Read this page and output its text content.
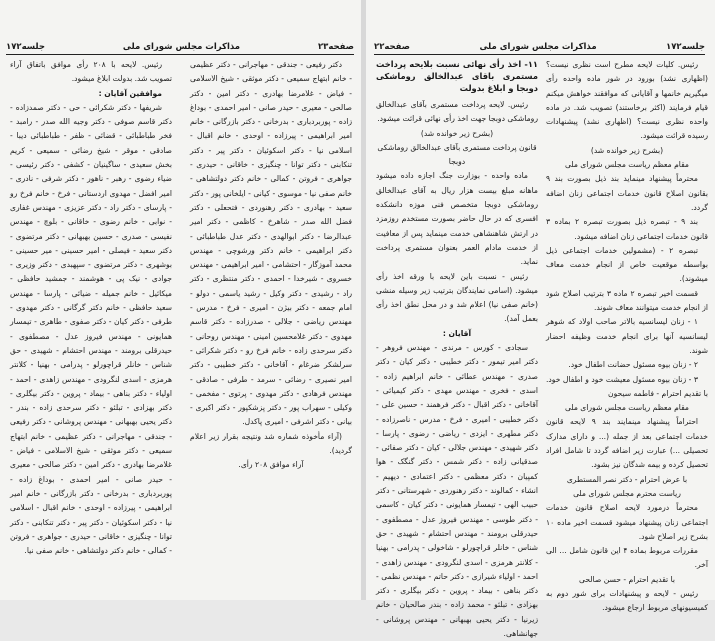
صفحه۲۳
مذاکرات مجلس شورای ملی
جلسه۱۷۲

دکتر رفیعی - جندقی - مهاجرانی - دکتر عظیمی - خانم ابتهاج سمیعی - دکتر موثقی - شیخ الاسلامی - فیاض - غلامرضا بهادری - دکتر امین - دکتر صالحی - معیری - حیدر صانی - امیر احمدی - بوداغ زاده - پوربردباری - بدرخانی - دکتر بازرگانی - خانم امیر ابراهیمی - پیرزاده - اوحدی - خانم اقبال - اسلامی نیا - دکتر اسکوئیان - دکتر پیر - دکتر تنکابنی - دکتر توانا - چنگیزی - خاقانی - حیدری - جواهری - فروتن - کمالی - خانم دکتر دولتشاهی - خانم صفی نیا - موسوی - کیانی - ایلخانی پور - دکتر سعید - بهادری - دکتر رهنوردی - فتحعلی - دکتر فضل الله صدر - شاهرخ - کاظمی - دکتر امیر عبدالرضا - دکتر ابوالهدی - دکتر عدل طباطبائی - دکتر ابراهیمی - خانم دکتر ورشوچی - مهندس محمد آموزگار - احتشامی - امیر ابراهیمی - مهندس خسروی - شیرخدا - احمدی - دکتر منتظری - دکتر راد - رشیدی - دکتر وکیل - رشید یاسمی - دولو - امام جمعه - دکتر بیژن - امیری - فرخ - مدرس - مهندس ریاضی - جلالی - صدرزاده - دکتر قاسم مهدوی - دکتر غلامحسین امینی - مهندس روحانی - دکتر سرحدی زاده - خانم فرخ رو - دکتر شکرائی - سرلشکر ضرغام - آقاخانی - دکتر خطیبی - دکتر امیر نصیری - رضائی - سرمد - طرفی - صادقی - مهندس فرهادی - دکتر مهدوی - پرتوی - مفخمی - وکیلی - سهراب پور - دکتر پزشکپور - دکتر اکبری - بیانی - دکتر اشرفی - امیری پاکدل.

(آراء مأخوذه شماره شد ونتیجه بقرار زیر اعلام گردید).

آراء موافق ۲۰۸ رأی.

رئیس. لایحه با ۲۰۸ رأی موافق باتفاق آراء تصویب شد. بدولت ابلاغ میشود.

موافقین آقایان :

شریفها - دکتر شکرائی - حی - دکتر صمدزاده - دکتر قاسم صوفی - دکتر وجیه الله صدر - رامبد - فخر طباطبائی - قضائی - ظفر - طباطبائی دیبا - صادقی - موقر - شیخ رضائی - سمیعی - کریم بخش سعیدی - ساگینیان - کشفی - دکتر رئیسی - ضیاء رضوی - رهبر - ناهور - دکتر شرفی - نادری - امیر افضل - مهدوی اردستانی - فرخ - خانم فرخ رو - پارسای - دکتر راد - دکتر عزیزی - مهندس غفاری - نوابی - خانم رضوی - خاقانی - بلوچ - مهندس نفیسی - صدری - حسین بهبهانی - دکتر مرتضوی - دکتر سعید - فیصلی - امیر حسینی - میر حسینی - بوشهری - دکتر مرتضوی - سپهبدی - دکتر وزیری - جوادی - نیک پی - هوشمند - جمشید حافظی - میکائیل - خانم جمیله - ضیائی - پارسا - مهندس سعید حافظی - خانم دکتر گرگانی - دکتر مهدوی - طرفی - دکتر کیان - دکتر صفوی - طاهری - تیمسار همایونی - مهندس فیروز عدل - مصطفوی - حیدرقلی برومند - مهندس احتشام - شهیدی - حق شناس - خانلر قراچورلو - پدرامی - بهنیا - کلانتر هرمزی - اسدی لنگرودی - مهندس زاهدی - احمد - اولیاء - دکتر بناهی - بیماد - پروین - دکتر بیگلری - دکتر بهزادی - تبلئو - دکتر سرحدی زاده - بندر - دکتر یحیی بهبهانی - مهندس پروشانی - دکتر رفیعی - جندقی - مهاجرانی - دکتر عظیمی - خانم ابتهاج سمیعی - دکتر موثقی - شیخ الاسلامی - فیاض - غلامرضا بهادری - دکتر امین - دکتر صالحی - معیری - حیدر صانی - امیر احمدی - بوداغ زاده - پوربردباری - بدرخانی - دکتر بازرگانی - خانم امیر ابراهیمی - پیرزاده - اوحدی - خانم اقبال - اسلامی نیا - دکتر اسکوئیان - دکتر پیر - دکتر تنکابنی - دکتر توانا - چنگیزی - خاقانی - حیدری - جواهری - فروتن - کمالی - خانم دکتر دولتشاهی - خانم صفی نیا.

جلسه۱۷۲
مذاکرات مجلس شورای ملی
صفحه۲۲

رئیس. کلیات لایحه مطرح است نظری نیست؟ (اظهاری نشد) بورود در شور ماده واحده رأی میگیریم خانمها و آقایانی که موافقند خواهش میکنم قیام فرمایند (اکثر برخاستند) تصویب شد. در ماده واحده نظری نیست؟ (اظهاری نشد) پیشنهادات رسیده قرائت میشود.

(بشرح زیر خوانده شد)

مقام معظم ریاست مجلس شورای ملی

محترماً پیشنهاد مینماید بند ذیل بصورت بند ۹ بقانون اصلاح قانون خدمات اجتماعی زنان اضافه گردد.

بند ۹ - تبصره ذیل بصورت تبصره ۲ بماده ۳ قانون خدمات اجتماعی زنان اضافه میشود.

تبصره ۲ - (مشمولین خدمات اجتماعی ذیل بواسطه موقعیت خاص از انجام خدمت معاف میشوند).

قسمت اخیر تبصره ۲ ماده ۳ بترتیب اصلاح شود از انجام خدمت میتوانند معاف شوند.

۱ - زنان لیسانسیه بالاتر صاحب اولاد که شوهر لیسانسیه آنها برای انجام خدمت وظیفه احضار شوند.

۲ - زنان بیوه مسئول حضانت اطفال خود.

۳ - زنان بیوه مسئول معیشت خود و اطفال خود. با تقدیم احترام - فاطمه سیحون

مقام معظم ریاست مجلس شورای ملی

احتراماً پیشنهاد مینمایند بند ۹ لایحه قانون خدمات اجتماعی بعد از جمله (... و دارای مدارک تحصیلی ...) عبارت زیر اضافه گردد تا شامل افراد تحصیل کرده و بیمه شدگان نیز بشود.

با عرض احترام - دکتر نصر المستطری

ریاست محترم مجلس شورای ملی

محترماً درمورد لایحه اصلاح قانون خدمات اجتماعی زنان پیشنهاد میشود قسمت اخیر ماده ۱۰ بشرح زیر اصلاح شود.

مقررات مربوط بماده ۴ این قانون شامل ... الی آخر.

با تقدیم احترام - حسن صالحی

رئیس - لایحه و پیشنهادات برای شور دوم به کمیسیونهای مربوط ارجاع میشود.

۱۱- اخذ رأی نهائی نسبت بلایحه پرداخت مستمری باقای عبدالخالق روماشکی دوبجا و ابلاغ بدولت

رئیس. لایحه پرداخت مستمری بآقای عبدالخالق روماشکی دوبجا جهت اخذ رأی نهائی قرائت میشود.

(بشرح زیر خوانده شد)

قانون پرداخت مستمری بآقای عبدالخالق روماشکی دوبجا

ماده واحده - بوزارت جنگ اجازه داده میشود ماهانه مبلغ بیست هزار ریال به آقای عبدالخالق روماشکی دوبجا متخصص فنی موزه دانشکده افسری که در حال حاضر بصورت مستخدم روزمزد در ارتش شاهنشاهی خدمت مینماید پس از معافیت از خدمت مادام العمر بعنوان مستمری پرداخت نماید.

رئیس - نسبت باین لایحه با ورقه اخذ رأی میشود. (اسامی نمایندگان بترتیب زیر وسیله منشی (خانم صفی نیا) اعلام شد و در محل نطق اخذ رأی بعمل آمد).

آقایان :

سجادی - کورس - مرندی - مهندس فروهر - دکتر امیر تیمور - دکتر خطیبی - دکتر کیان - دکتر صدری - مهندس عطائی - خانم ابراهیم زاده - اسدی - فخری - مهندس مهدی - دکتر کیمیائی - آقاخانی - دکتر اقبال - دکتر فرهمند - حسین علی - دکتر خطیبی - امیری - فرخ - مدرس - ناصرزاده - دکتر مطهری - ایزدی - ریاضی - رضوی - پارسا - دکتر شهیدی - مهندس جلالی - کیان - دکتر صفائی - صدقیانی زاده - دکتر شمس - دکتر گنگک - هوا کمپیان - دکتر معظمی - دکتر اعتمادی - دیهیم - انشاء - کمالوند - دکتر رهنوردی - شهرستانی - دکتر حبیب الهی - تیمسار همایونی - دکتر کیان - کاسمی - دکتر طوسی - مهندس فیروز عدل - مصطفوی - حیدرقلی برومند - مهندس احتشام - شهیدی - حق شناس - خانلر قراچورلو - شاخولی - پدرامی - بهنیا - کلانتر هرمزی - اسدی لنگرودی - مهندس زاهدی - احمد - اولیاء شیرازی - دکتر حاتم - مهندس نظمی - دکتر بناهی - بیماد - پروین - دکتر بیگلری - دکتر بهزادی - تبلئو - محمد زاده - بندر صالحیان - خانم زیرنیا - دکتر یحیی بهبهانی - مهندس پروشانی - جهانشاهی.
